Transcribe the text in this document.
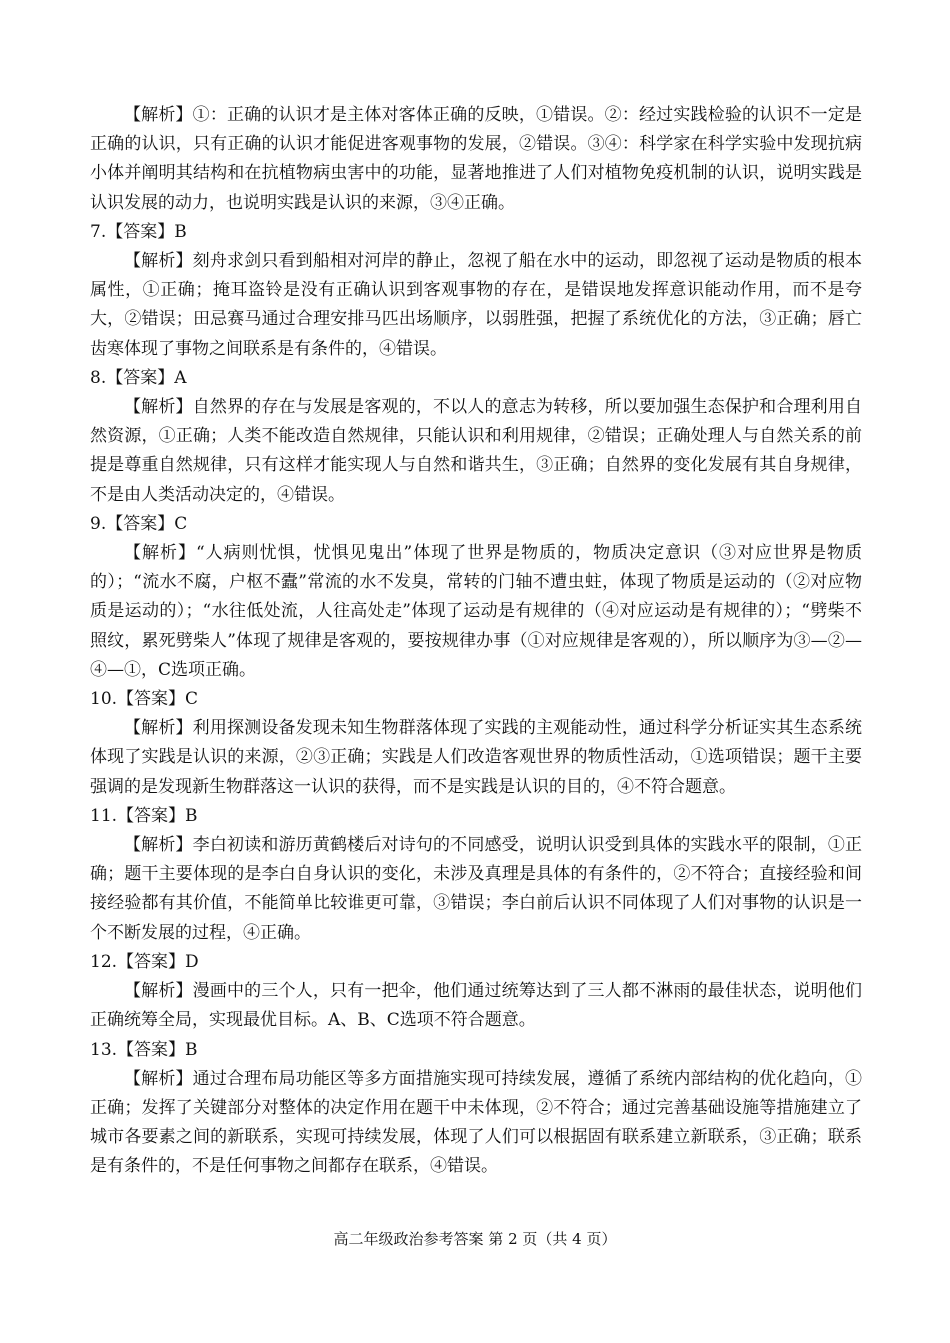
【解析】①：正确的认识才是主体对客体正确的反映，①错误。②：经过实践检验的认识不一定是正确的认识，只有正确的认识才能促进客观事物的发展，②错误。③④：科学家在科学实验中发现抗病小体并阐明其结构和在抗植物病虫害中的功能，显著地推进了人们对植物免疫机制的认识，说明实践是认识发展的动力，也说明实践是认识的来源，③④正确。

7.【答案】B

【解析】刻舟求剑只看到船相对河岸的静止，忽视了船在水中的运动，即忽视了运动是物质的根本属性，①正确；掩耳盗铃是没有正确认识到客观事物的存在，是错误地发挥意识能动作用，而不是夸大，②错误；田忌赛马通过合理安排马匹出场顺序，以弱胜强，把握了系统优化的方法，③正确；唇亡齿寒体现了事物之间联系是有条件的，④错误。

8.【答案】A

【解析】自然界的存在与发展是客观的，不以人的意志为转移，所以要加强生态保护和合理利用自然资源，①正确；人类不能改造自然规律，只能认识和利用规律，②错误；正确处理人与自然关系的前提是尊重自然规律，只有这样才能实现人与自然和谐共生，③正确；自然界的变化发展有其自身规律，不是由人类活动决定的，④错误。

9.【答案】C

【解析】“人病则忧惧，忧惧见鬼出”体现了世界是物质的，物质决定意识（③对应世界是物质的）；“流水不腐，户枢不蠹”常流的水不发臭，常转的门轴不遭虫蛀，体现了物质是运动的（②对应物质是运动的）；“水往低处流，人往高处走”体现了运动是有规律的（④对应运动是有规律的）；“劈柴不照纹，累死劈柴人”体现了规律是客观的，要按规律办事（①对应规律是客观的），所以顺序为③—②—④—①，C选项正确。

10.【答案】C

【解析】利用探测设备发现未知生物群落体现了实践的主观能动性，通过科学分析证实其生态系统体现了实践是认识的来源，②③正确；实践是人们改造客观世界的物质性活动，①选项错误；题干主要强调的是发现新生物群落这一认识的获得，而不是实践是认识的目的，④不符合题意。

11.【答案】B

【解析】李白初读和游历黄鹤楼后对诗句的不同感受，说明认识受到具体的实践水平的限制，①正确；题干主要体现的是李白自身认识的变化，未涉及真理是具体的有条件的，②不符合；直接经验和间接经验都有其价值，不能简单比较谁更可靠，③错误；李白前后认识不同体现了人们对事物的认识是一个不断发展的过程，④正确。

12.【答案】D

【解析】漫画中的三个人，只有一把伞，他们通过统筹达到了三人都不淋雨的最佳状态，说明他们正确统筹全局，实现最优目标。A、B、C选项不符合题意。

13.【答案】B

【解析】通过合理布局功能区等多方面措施实现可持续发展，遵循了系统内部结构的优化趋向，①正确；发挥了关键部分对整体的决定作用在题干中未体现，②不符合；通过完善基础设施等措施建立了城市各要素之间的新联系，实现可持续发展，体现了人们可以根据固有联系建立新联系，③正确；联系是有条件的，不是任何事物之间都存在联系，④错误。

高二年级政治参考答案 第 2 页（共 4 页）
